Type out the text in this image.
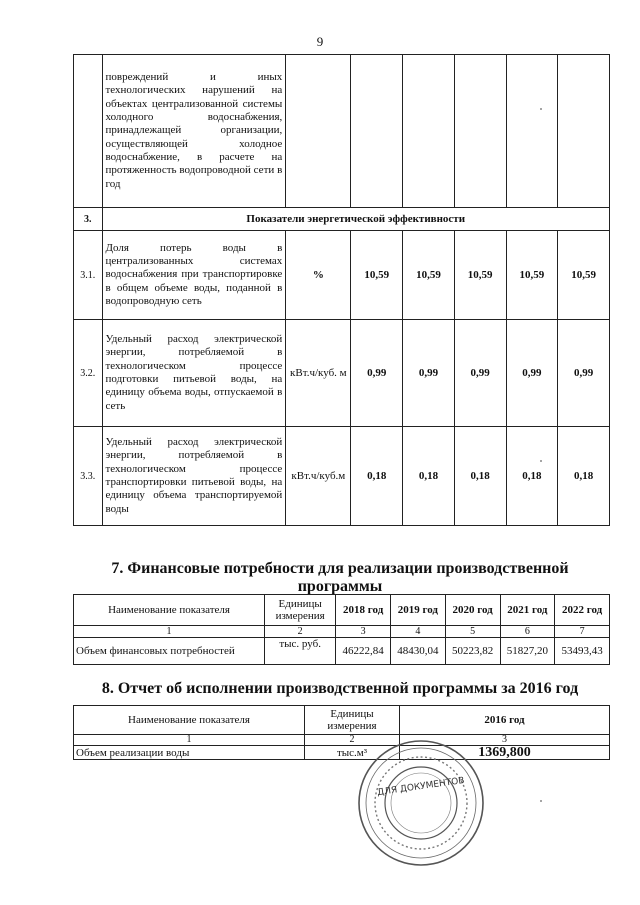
9
	повреждений и иных технологических нарушений на объектах централизованной системы холодного водоснабжения, принадлежащей организации, осуществляющей холодное водоснабжение, в расчете на протяженность водопроводной сети в год						
3.	Показатели энергетической эффективности						
3.1.	Доля потерь воды в централизованных системах водоснабжения при транспортировке в общем объеме воды, поданной в водопроводную сеть	%	10,59	10,59	10,59	10,59	10,59
3.2.	Удельный расход электрической энергии, потребляемой в технологическом процессе подготовки питьевой воды, на единицу объема воды, отпускаемой в сеть	кВт.ч/куб. м	0,99	0,99	0,99	0,99	0,99
3.3.	Удельный расход электрической энергии, потребляемой в технологическом процессе транспортировки питьевой воды, на единицу объема транспортируемой воды	кВт.ч/куб.м	0,18	0,18	0,18	0,18	0,18
7. Финансовые потребности для реализации производственной программы
Наименование показателя	Единицы измерения	2018 год	2019 год	2020 год	2021 год	2022 год
1	2	3	4	5	6	7
Объем финансовых потребностей	тыс. руб.	46222,84	48430,04	50223,82	51827,20	53493,43
8. Отчет об исполнении производственной программы за 2016 год
Наименование показателя	Единицы измерения	2016 год
1	2	3
Объем реализации воды	тыс.м³	1369,800
ДЛЯ ДОКУМЕНТОВ
